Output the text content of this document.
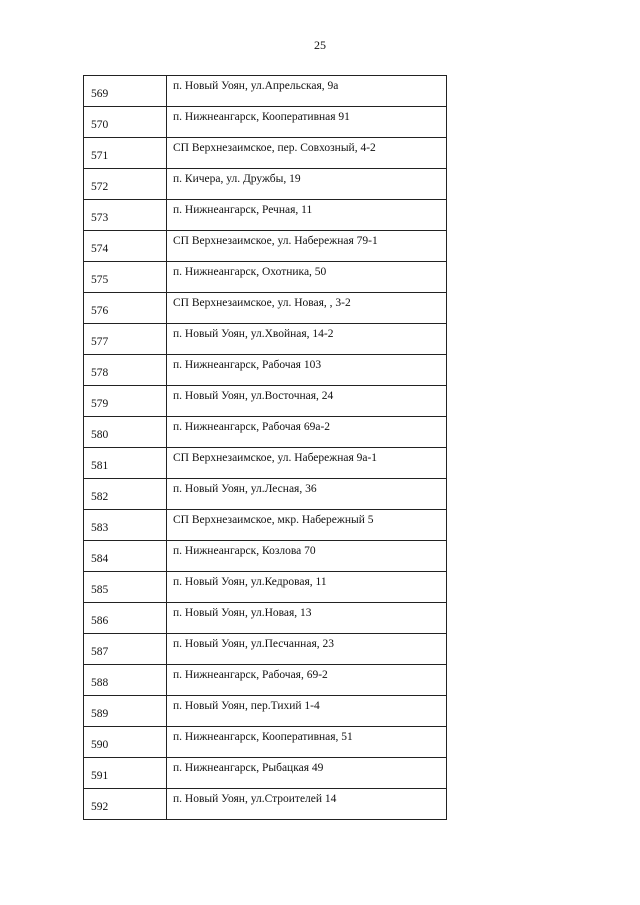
25
569	п. Новый Уоян, ул.Апрельская, 9а
570	п. Нижнеангарск, Кооперативная 91
571	СП Верхнезаимское, пер. Совхозный, 4-2
572	п. Кичера, ул. Дружбы, 19
573	п. Нижнеангарск, Речная, 11
574	СП Верхнезаимское, ул. Набережная 79-1
575	п. Нижнеангарск, Охотника, 50
576	СП Верхнезаимское, ул. Новая, , 3-2
577	п. Новый Уоян, ул.Хвойная, 14-2
578	п. Нижнеангарск, Рабочая 103
579	п. Новый Уоян, ул.Восточная, 24
580	п. Нижнеангарск, Рабочая 69а-2
581	СП Верхнезаимское, ул. Набережная 9а-1
582	п. Новый Уоян, ул.Лесная, 36
583	СП Верхнезаимское, мкр. Набережный 5
584	п. Нижнеангарск, Козлова 70
585	п. Новый Уоян, ул.Кедровая, 11
586	п. Новый Уоян, ул.Новая, 13
587	п. Новый Уоян, ул.Песчанная, 23
588	п. Нижнеангарск, Рабочая, 69-2
589	п. Новый Уоян, пер.Тихий 1-4
590	п. Нижнеангарск, Кооперативная, 51
591	п. Нижнеангарск, Рыбацкая 49
592	п. Новый Уоян, ул.Строителей 14
